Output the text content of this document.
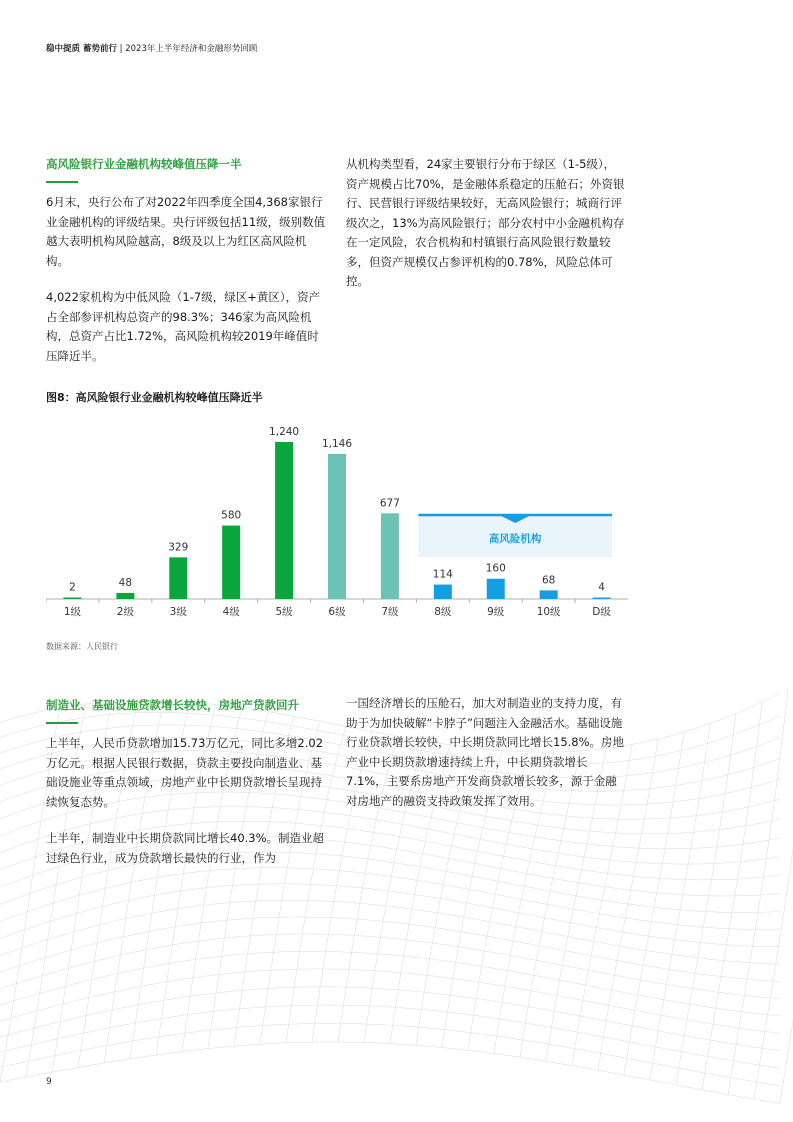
稳中提质 蓄势前行 | 2023年上半年经济和金融形势回顾
高风险银行业金融机构较峰值压降一半

6月末，央行公布了对2022年四季度全国4,368家银行业金融机构的评级结果。央行评级包括11级，级别数值越大表明机构风险越高，8级及以上为红区高风险机构。

4,022家机构为中低风险（1-7级，绿区+黄区），资产占全部参评机构总资产的98.3%；346家为高风险机构，总资产占比1.72%，高风险机构较2019年峰值时压降近半。

从机构类型看，24家主要银行分布于绿区（1-5级），资产规模占比70%，是金融体系稳定的压舱石；外资银行、民营银行评级结果较好，无高风险银行；城商行评级次之，13%为高风险银行；部分农村中小金融机构存在一定风险，农合机构和村镇银行高风险银行数量较多，但资产规模仅占参评机构的0.78%，风险总体可控。

图8：高风险银行业金融机构较峰值压降近半
高风险机构
2
1级
48
2级
329
3级
580
4级
1,240
5级
1,146
6级
677
7级
114
8级
160
9级
68
10级
4
D级
数据来源：人民银行
制造业、基础设施贷款增长较快，房地产贷款回升

上半年，人民币贷款增加15.73万亿元，同比多增2.02万亿元。根据人民银行数据，贷款主要投向制造业、基础设施业等重点领域，房地产业中长期贷款增长呈现持续恢复态势。

上半年，制造业中长期贷款同比增长40.3%。制造业超过绿色行业，成为贷款增长最快的行业，作为

一国经济增长的压舱石，加大对制造业的支持力度，有助于为加快破解“卡脖子”问题注入金融活水。基础设施行业贷款增长较快，中长期贷款同比增长15.8%。房地产业中长期贷款增速持续上升，中长期贷款增长7.1%，主要系房地产开发商贷款增长较多，源于金融对房地产的融资支持政策发挥了效用。

9
